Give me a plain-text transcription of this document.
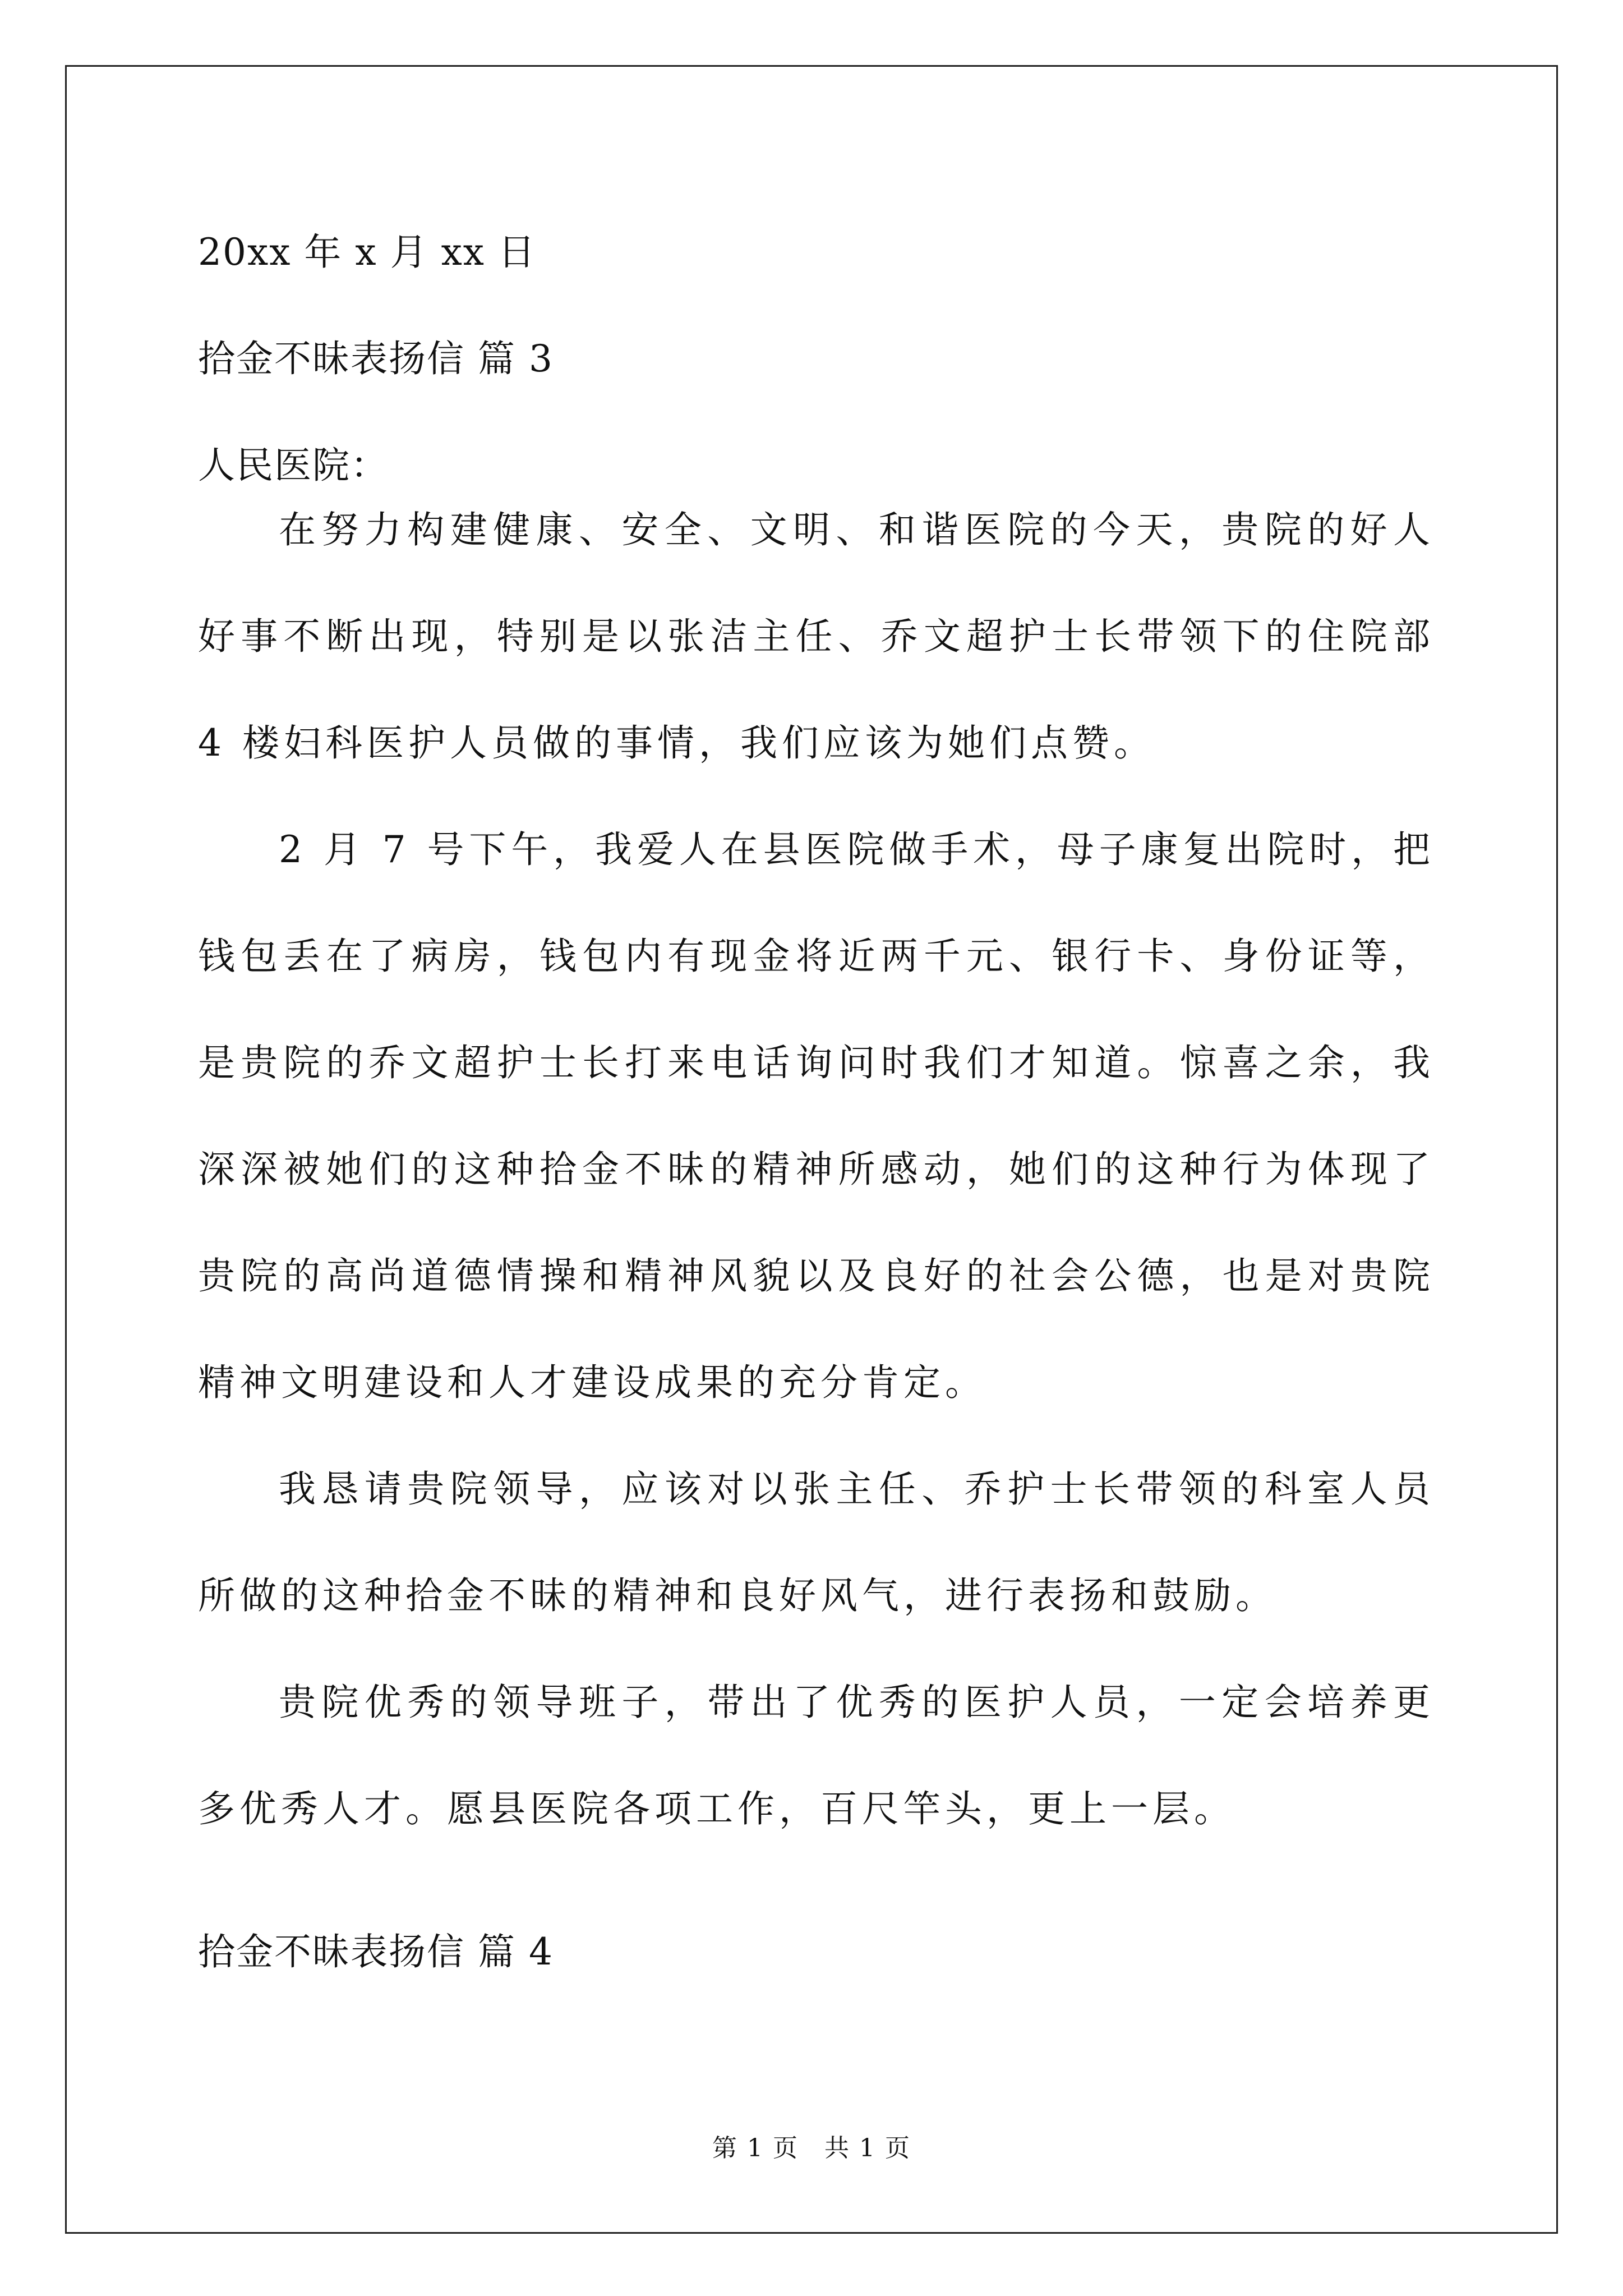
20xx 年 x 月 xx 日
拾金不昧表扬信 篇 3
人民医院：
在努力构建健康、安全、文明、和谐医院的今天，贵院的好人好事不断出现，特别是以张洁主任、乔文超护士长带领下的住院部 4 楼妇科医护人员做的事情，我们应该为她们点赞。
2 月 7 号下午，我爱人在县医院做手术，母子康复出院时，把钱包丢在了病房，钱包内有现金将近两千元、银行卡、身份证等，是贵院的乔文超护士长打来电话询问时我们才知道。惊喜之余，我深深被她们的这种拾金不昧的精神所感动，她们的这种行为体现了贵院的高尚道德情操和精神风貌以及良好的社会公德，也是对贵院精神文明建设和人才建设成果的充分肯定。
我恳请贵院领导，应该对以张主任、乔护士长带领的科室人员所做的这种拾金不昧的精神和良好风气，进行表扬和鼓励。
贵院优秀的领导班子，带出了优秀的医护人员，一定会培养更多优秀人才。愿县医院各项工作，百尺竿头，更上一层。
拾金不昧表扬信 篇 4
第 1 页　共 1 页
